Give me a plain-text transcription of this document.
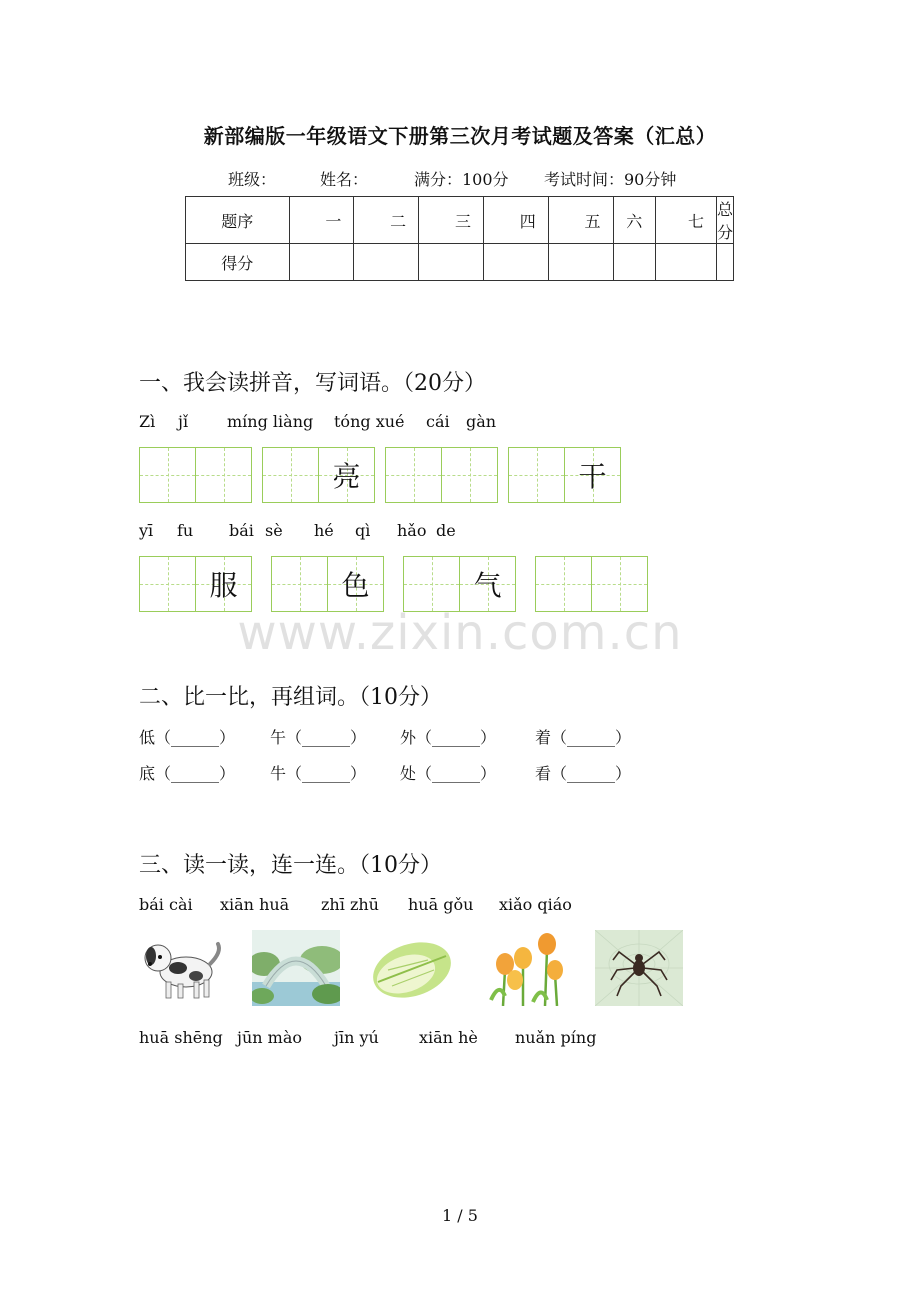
新部编版一年级语文下册第三次月考试题及答案（汇总）
班级：	姓名：	满分：100分 考试时间：90分钟
题序	一	二	三	四	五	六	七	总分
得分								
一、我会读拼音，写词语。（20分）
Zì jǐ míng liàng tóng xué cái gàn
亮	干
yī fu bái sè hé qì hǎo de
服	色	气
www.zixin.com.cn
二、比一比，再组词。（10分）
低（______） 午（______） 外（______） 着（______）
底（______） 牛（______） 处（______） 看（______）
三、读一读，连一连。（10分）
bái cài xiān huā zhī zhū huā gǒu xiǎo qiáo
huā shēng jūn mào jīn yú	xiān hè nuǎn píng
1 / 5
